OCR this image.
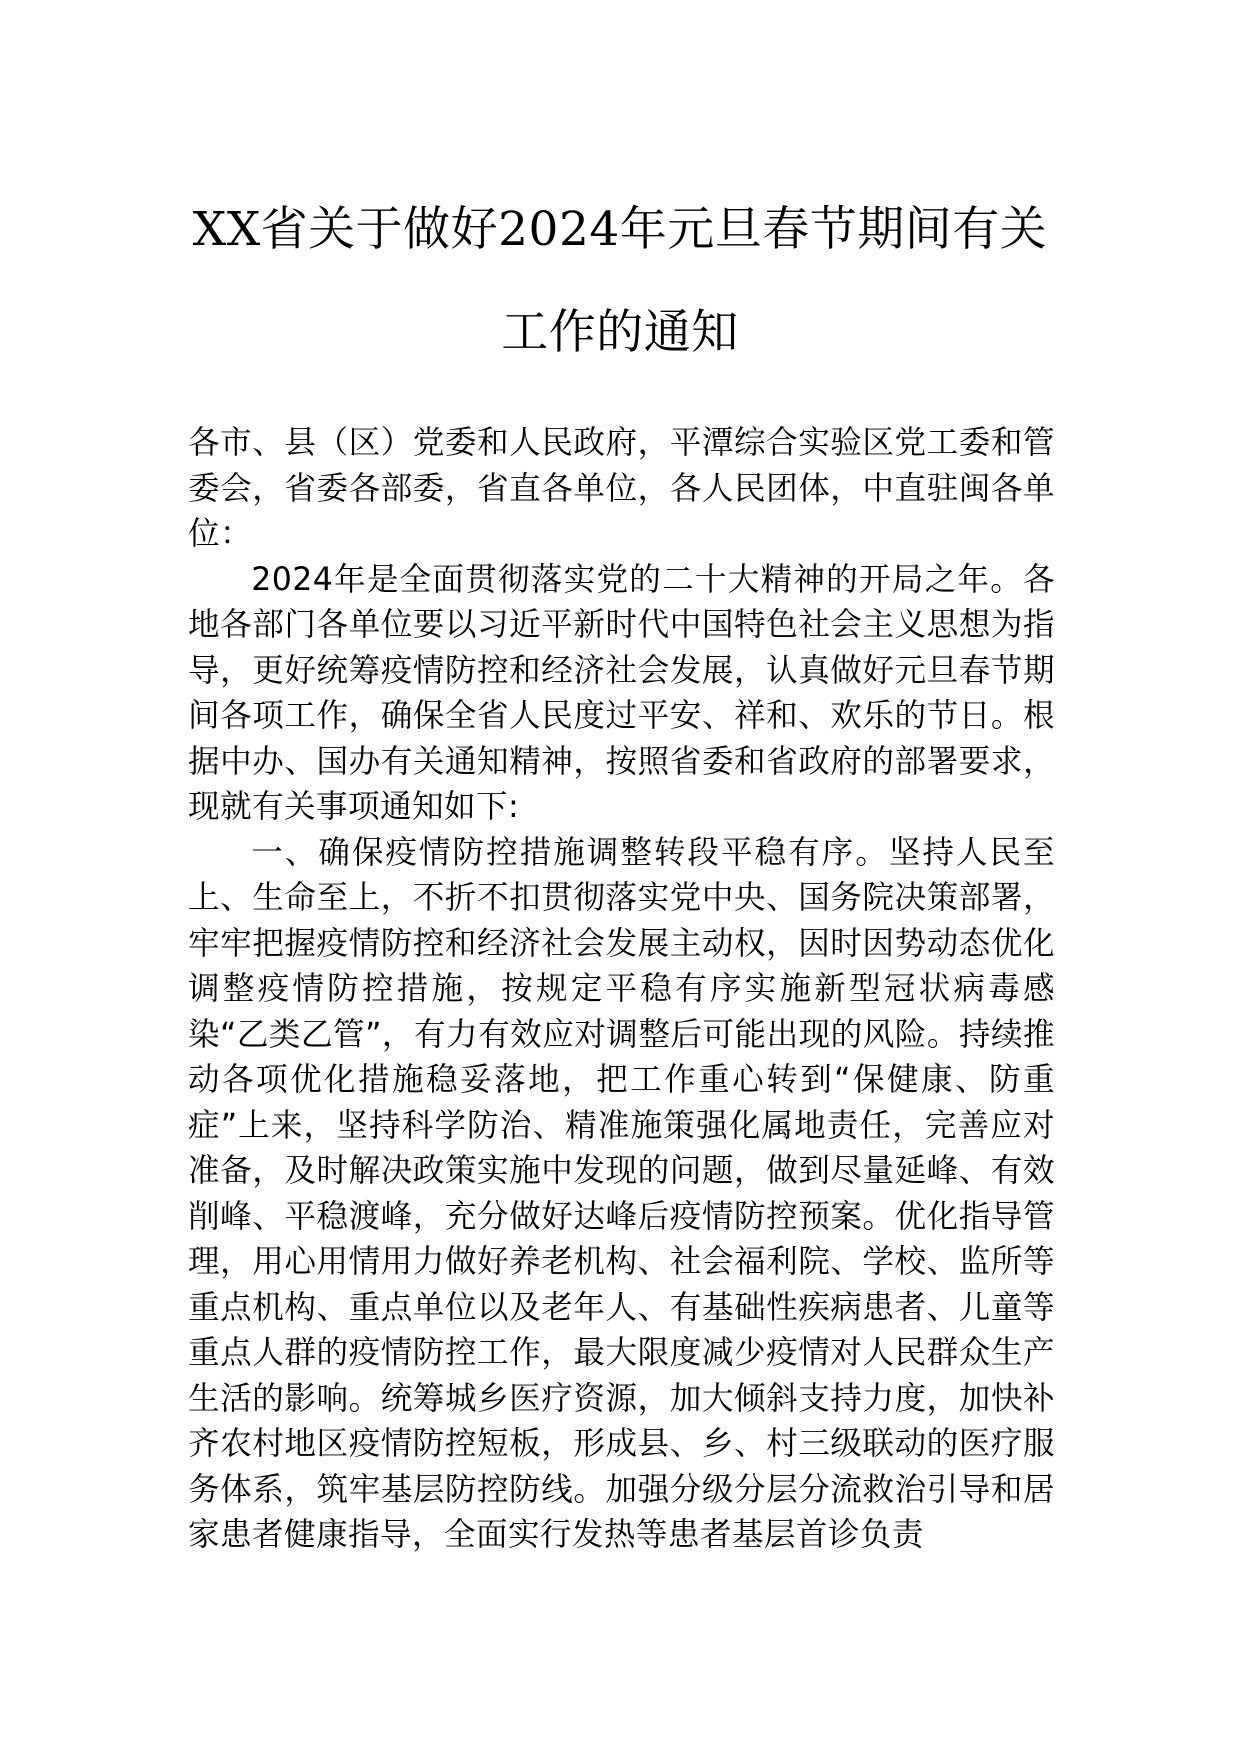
XX省关于做好2024年元旦春节期间有关
工作的通知

各市、县（区）党委和人民政府，平潭综合实验区党工委和管委会，省委各部委，省直各单位，各人民团体，中直驻闽各单位：

2024年是全面贯彻落实党的二十大精神的开局之年。各地各部门各单位要以习近平新时代中国特色社会主义思想为指导，更好统筹疫情防控和经济社会发展，认真做好元旦春节期间各项工作，确保全省人民度过平安、祥和、欢乐的节日。根据中办、国办有关通知精神，按照省委和省政府的部署要求，现就有关事项通知如下:

一、确保疫情防控措施调整转段平稳有序。坚持人民至上、生命至上，不折不扣贯彻落实党中央、国务院决策部署，牢牢把握疫情防控和经济社会发展主动权，因时因势动态优化调整疫情防控措施，按规定平稳有序实施新型冠状病毒感染“乙类乙管”，有力有效应对调整后可能出现的风险。持续推动各项优化措施稳妥落地，把工作重心转到“保健康、防重症”上来，坚持科学防治、精准施策强化属地责任，完善应对准备，及时解决政策实施中发现的问题，做到尽量延峰、有效削峰、平稳渡峰，充分做好达峰后疫情防控预案。优化指导管理，用心用情用力做好养老机构、社会福利院、学校、监所等重点机构、重点单位以及老年人、有基础性疾病患者、儿童等重点人群的疫情防控工作，最大限度减少疫情对人民群众生产生活的影响。统筹城乡医疗资源，加大倾斜支持力度，加快补齐农村地区疫情防控短板，形成县、乡、村三级联动的医疗服务体系，筑牢基层防控防线。加强分级分层分流救治引导和居家患者健康指导，全面实行发热等患者基层首诊负责
